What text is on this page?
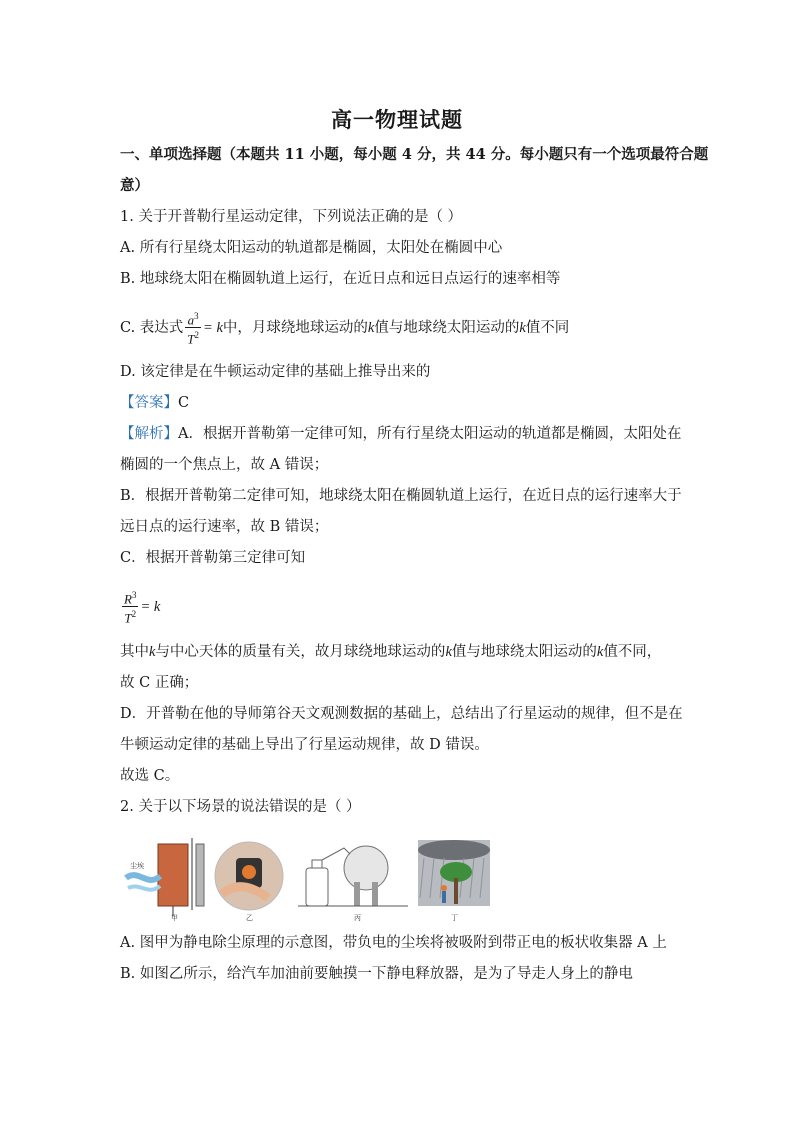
高一物理试题
一、单项选择题（本题共 11 小题，每小题 4 分，共 44 分。每小题只有一个选项最符合题
意）
1. 关于开普勒行星运动定律，下列说法正确的是（ ）
A. 所有行星绕太阳运动的轨道都是椭圆，太阳处在椭圆中心
B. 地球绕太阳在椭圆轨道上运行，在近日点和远日点运行的速率相等
C. 表达式 $\frac{a^3}{T^2} = k$中，月球绕地球运动的k值与地球绕太阳运动的k值不同
D. 该定律是在牛顿运动定律的基础上推导出来的
【答案】C
【解析】A．根据开普勒第一定律可知，所有行星绕太阳运动的轨道都是椭圆，太阳处在
椭圆的一个焦点上，故 A 错误；
B．根据开普勒第二定律可知，地球绕太阳在椭圆轨道上运行，在近日点的运行速率大于
远日点的运行速率，故 B 错误；
C．根据开普勒第三定律可知
$\frac{R^3}{T^2} = k$
其中k与中心天体的质量有关，故月球绕地球运动的k值与地球绕太阳运动的k值不同，
故 C 正确；
D．开普勒在他的导师第谷天文观测数据的基础上，总结出了行星运动的规律，但不是在
牛顿运动定律的基础上导出了行星运动规律，故 D 错误。
故选 C。
2. 关于以下场景的说法错误的是（ ）
尘埃
甲	乙	丙	丁
A. 图甲为静电除尘原理的示意图，带负电的尘埃将被吸附到带正电的板状收集器 A 上
B. 如图乙所示，给汽车加油前要触摸一下静电释放器，是为了导走人身上的静电
